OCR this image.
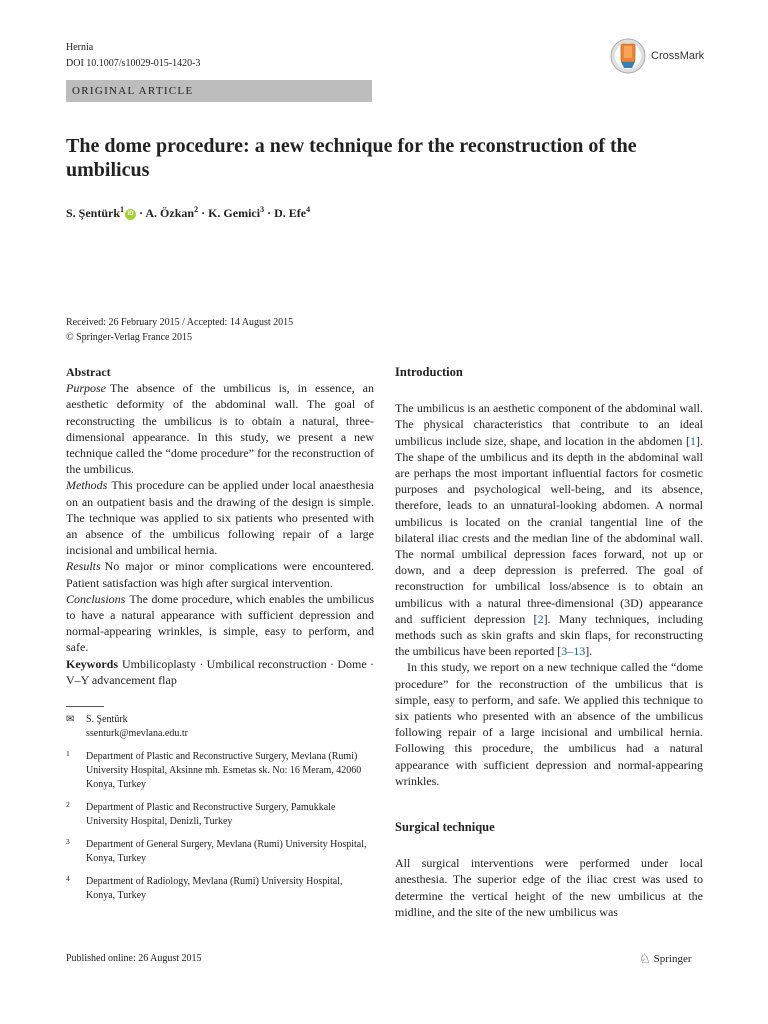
Hernia
DOI 10.1007/s10029-015-1420-3
CrossMark
ORIGINAL ARTICLE
The dome procedure: a new technique for the reconstruction of the umbilicus
S. Şentürk$^1$ iD · A. Özkan$^2$ · K. Gemici$^3$ · D. Efe$^4$
Received: 26 February 2015 / Accepted: 14 August 2015
© Springer-Verlag France 2015
Abstract

Purpose The absence of the umbilicus is, in essence, an aesthetic deformity of the abdominal wall. The goal of reconstructing the umbilicus is to obtain a natural, three-dimensional appearance. In this study, we present a new technique called the “dome procedure” for the reconstruction of the umbilicus.

Methods This procedure can be applied under local anaesthesia on an outpatient basis and the drawing of the design is simple. The technique was applied to six patients who presented with an absence of the umbilicus following repair of a large incisional and umbilical hernia.

Results No major or minor complications were encountered. Patient satisfaction was high after surgical intervention.

Conclusions The dome procedure, which enables the umbilicus to have a natural appearance with sufficient depression and normal-appearing wrinkles, is simple, easy to perform, and safe.

Keywords Umbilicoplasty · Umbilical reconstruction · Dome · V–Y advancement flap

✉ S. Şentürk
ssenturk@mevlana.edu.tr
1 Department of Plastic and Reconstructive Surgery, Mevlana (Rumi) University Hospital, Aksinne mh. Esmetas sk. No: 16 Meram, 42060 Konya, Turkey
2 Department of Plastic and Reconstructive Surgery, Pamukkale University Hospital, Denizli, Turkey
3 Department of General Surgery, Mevlana (Rumi) University Hospital, Konya, Turkey
4 Department of Radiology, Mevlana (Rumi) University Hospital, Konya, Turkey
Introduction

The umbilicus is an aesthetic component of the abdominal wall. The physical characteristics that contribute to an ideal umbilicus include size, shape, and location in the abdomen [1]. The shape of the umbilicus and its depth in the abdominal wall are perhaps the most important influential factors for cosmetic purposes and psychological well-being, and its absence, therefore, leads to an unnatural-looking abdomen. A normal umbilicus is located on the cranial tangential line of the bilateral iliac crests and the median line of the abdominal wall. The normal umbilical depression faces forward, not up or down, and a deep depression is preferred. The goal of reconstruction for umbilical loss/absence is to obtain an umbilicus with a natural three-dimensional (3D) appearance and sufficient depression [2]. Many techniques, including methods such as skin grafts and skin flaps, for reconstructing the umbilicus have been reported [3–13].

In this study, we report on a new technique called the “dome procedure” for the reconstruction of the umbilicus that is simple, easy to perform, and safe. We applied this technique to six patients who presented with an absence of the umbilicus following repair of a large incisional and umbilical hernia. Following this procedure, the umbilicus had a natural appearance with sufficient depression and normal-appearing wrinkles.

Surgical technique

All surgical interventions were performed under local anesthesia. The superior edge of the iliac crest was used to determine the vertical height of the new umbilicus at the midline, and the site of the new umbilicus was

Published online: 26 August 2015	♘ Springer
